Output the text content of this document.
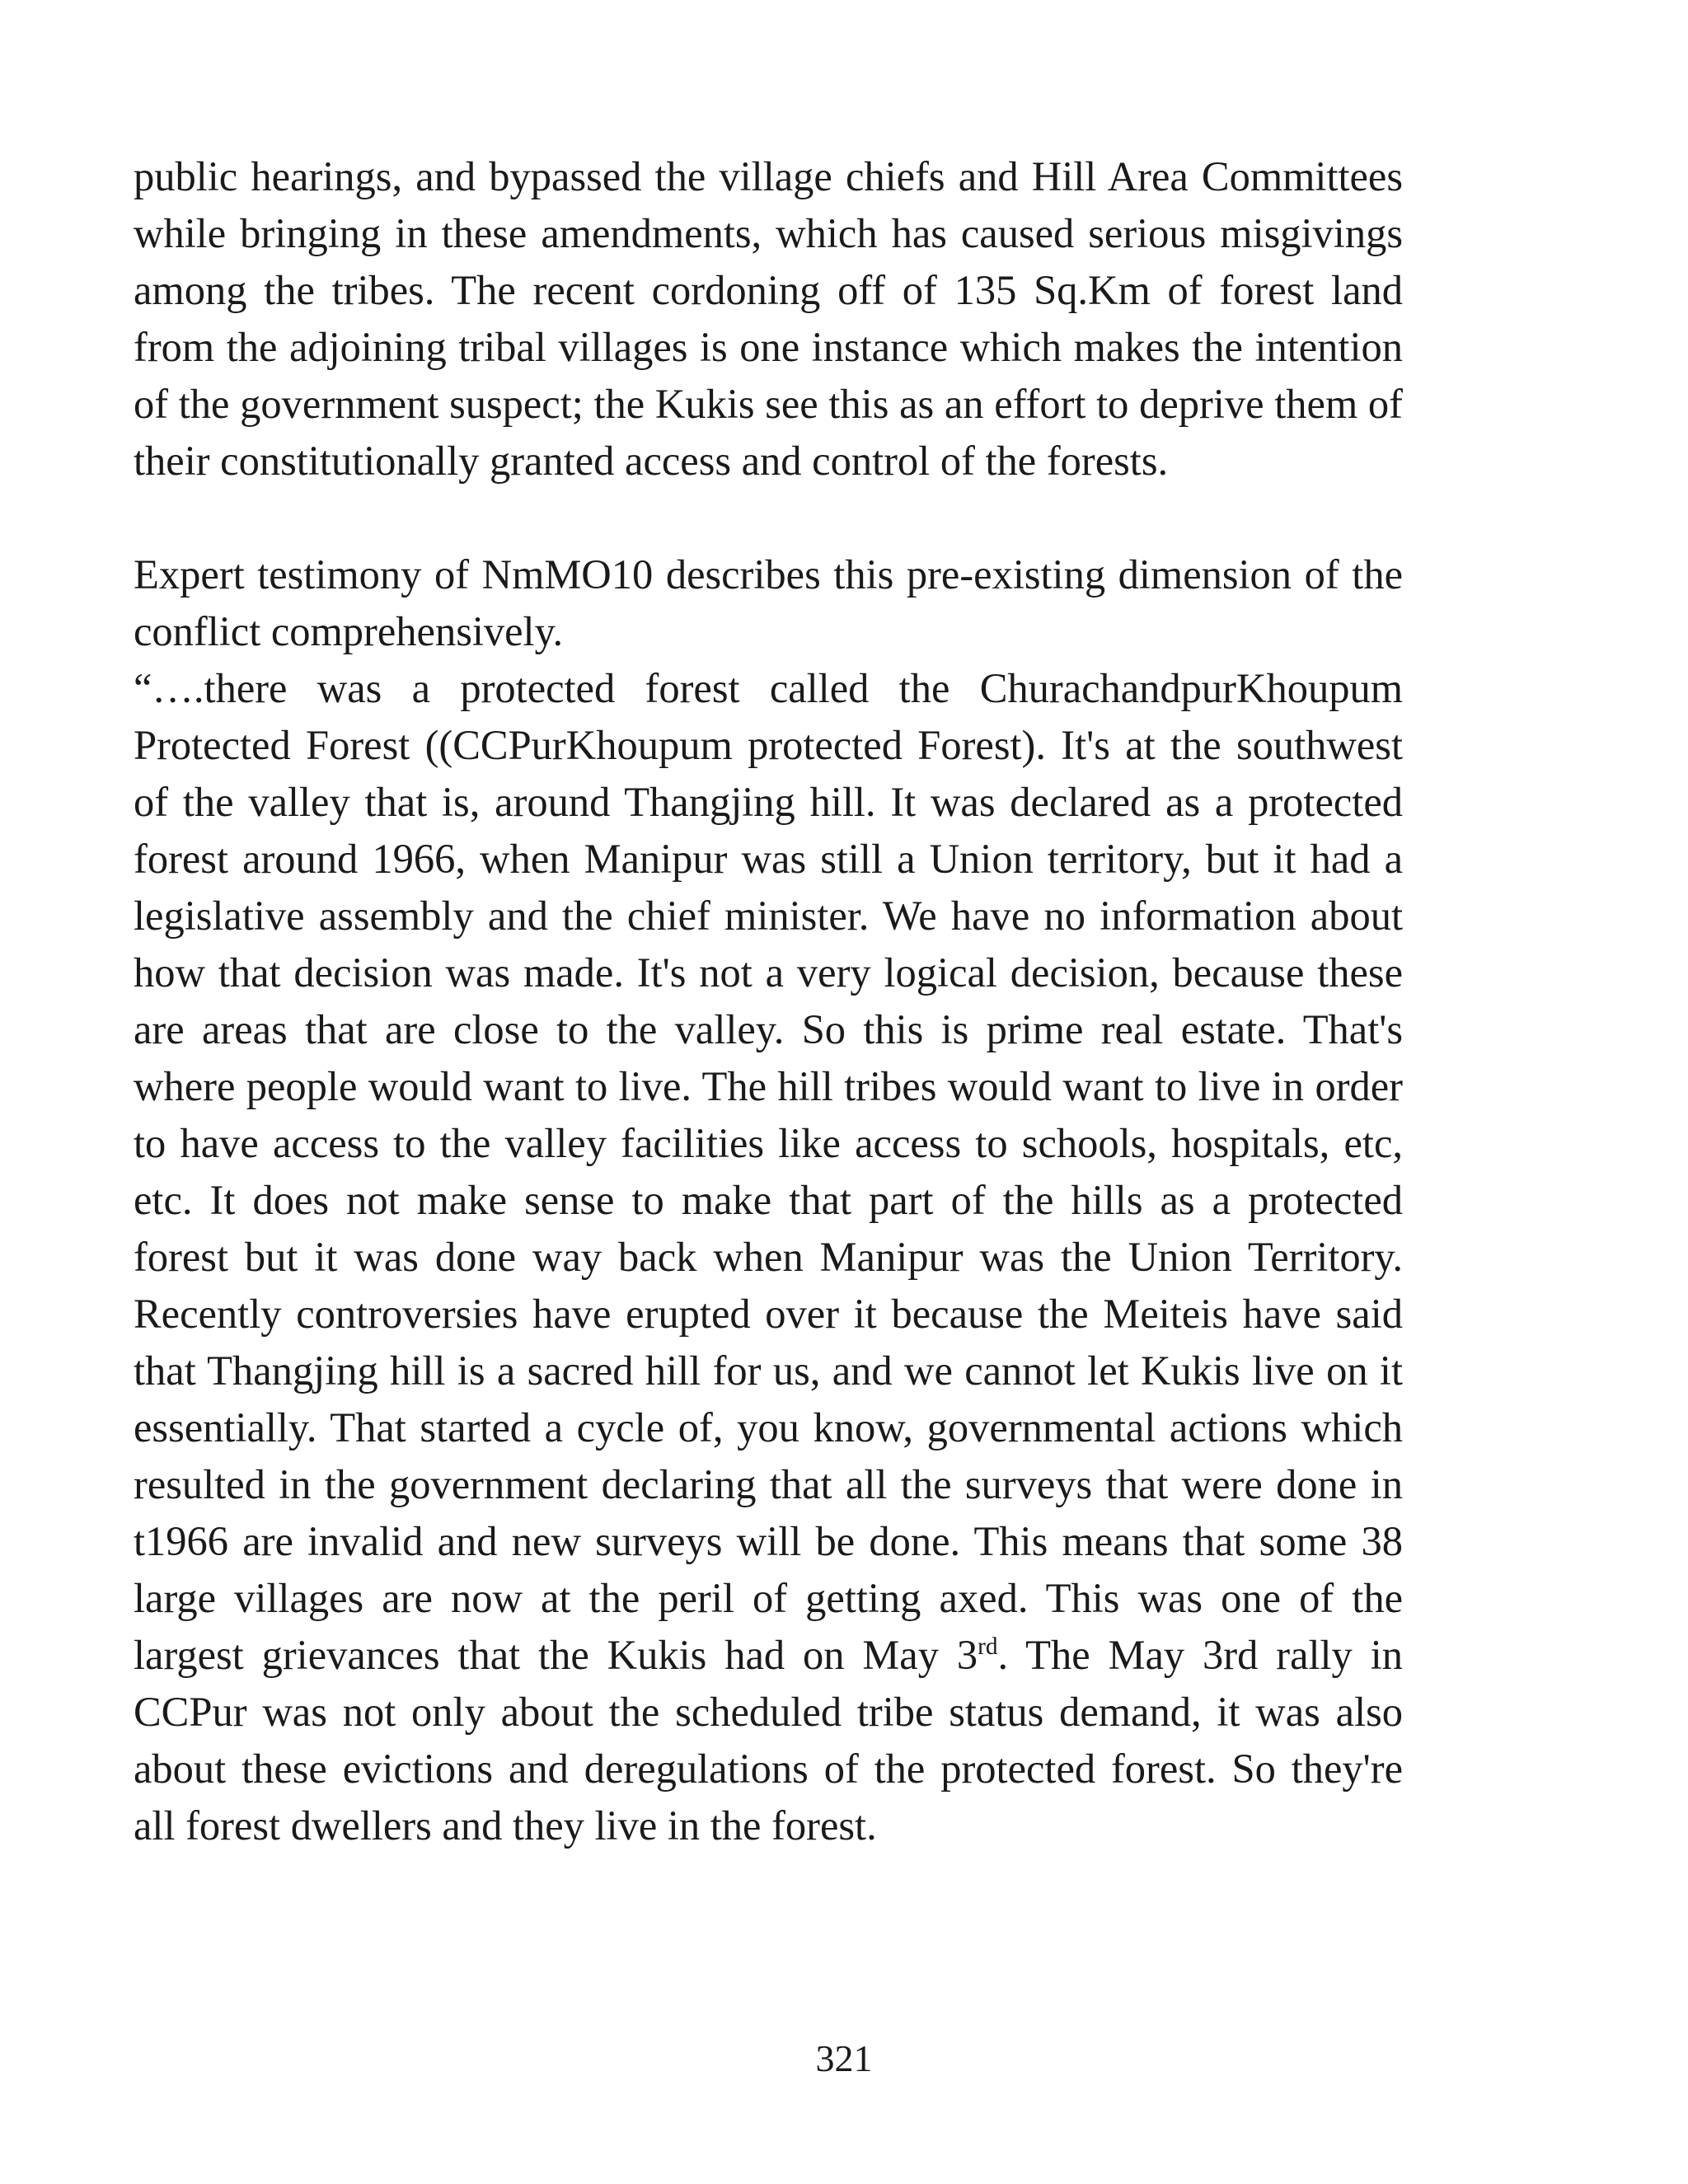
public hearings, and bypassed the village chiefs and Hill Area Committees while bringing in these amendments, which has caused serious misgivings among the tribes. The recent cordoning off of 135 Sq.Km of forest land from the adjoining tribal villages is one instance which makes the intention of the government suspect; the Kukis see this as an effort to deprive them of their constitutionally granted access and control of the forests.

Expert testimony of NmMO10 describes this pre-existing dimension of the conflict comprehensively.

“….there was a protected forest called the ChurachandpurKhoupum Protected Forest ((CCPurKhoupum protected Forest). It's at the southwest of the valley that is, around Thangjing hill. It was declared as a protected forest around 1966, when Manipur was still a Union territory, but it had a legislative assembly and the chief minister. We have no information about how that decision was made. It's not a very logical decision, because these are areas that are close to the valley. So this is prime real estate. That's where people would want to live. The hill tribes would want to live in order to have access to the valley facilities like access to schools, hospitals, etc, etc. It does not make sense to make that part of the hills as a protected forest but it was done way back when Manipur was the Union Territory. Recently controversies have erupted over it because the Meiteis have said that Thangjing hill is a sacred hill for us, and we cannot let Kukis live on it essentially. That started a cycle of, you know, governmental actions which resulted in the government declaring that all the surveys that were done in t1966 are invalid and new surveys will be done. This means that some 38 large villages are now at the peril of getting axed. This was one of the largest grievances that the Kukis had on May 3rd. The May 3rd rally in CCPur was not only about the scheduled tribe status demand, it was also about these evictions and deregulations of the protected forest. So they're all forest dwellers and they live in the forest.

321
